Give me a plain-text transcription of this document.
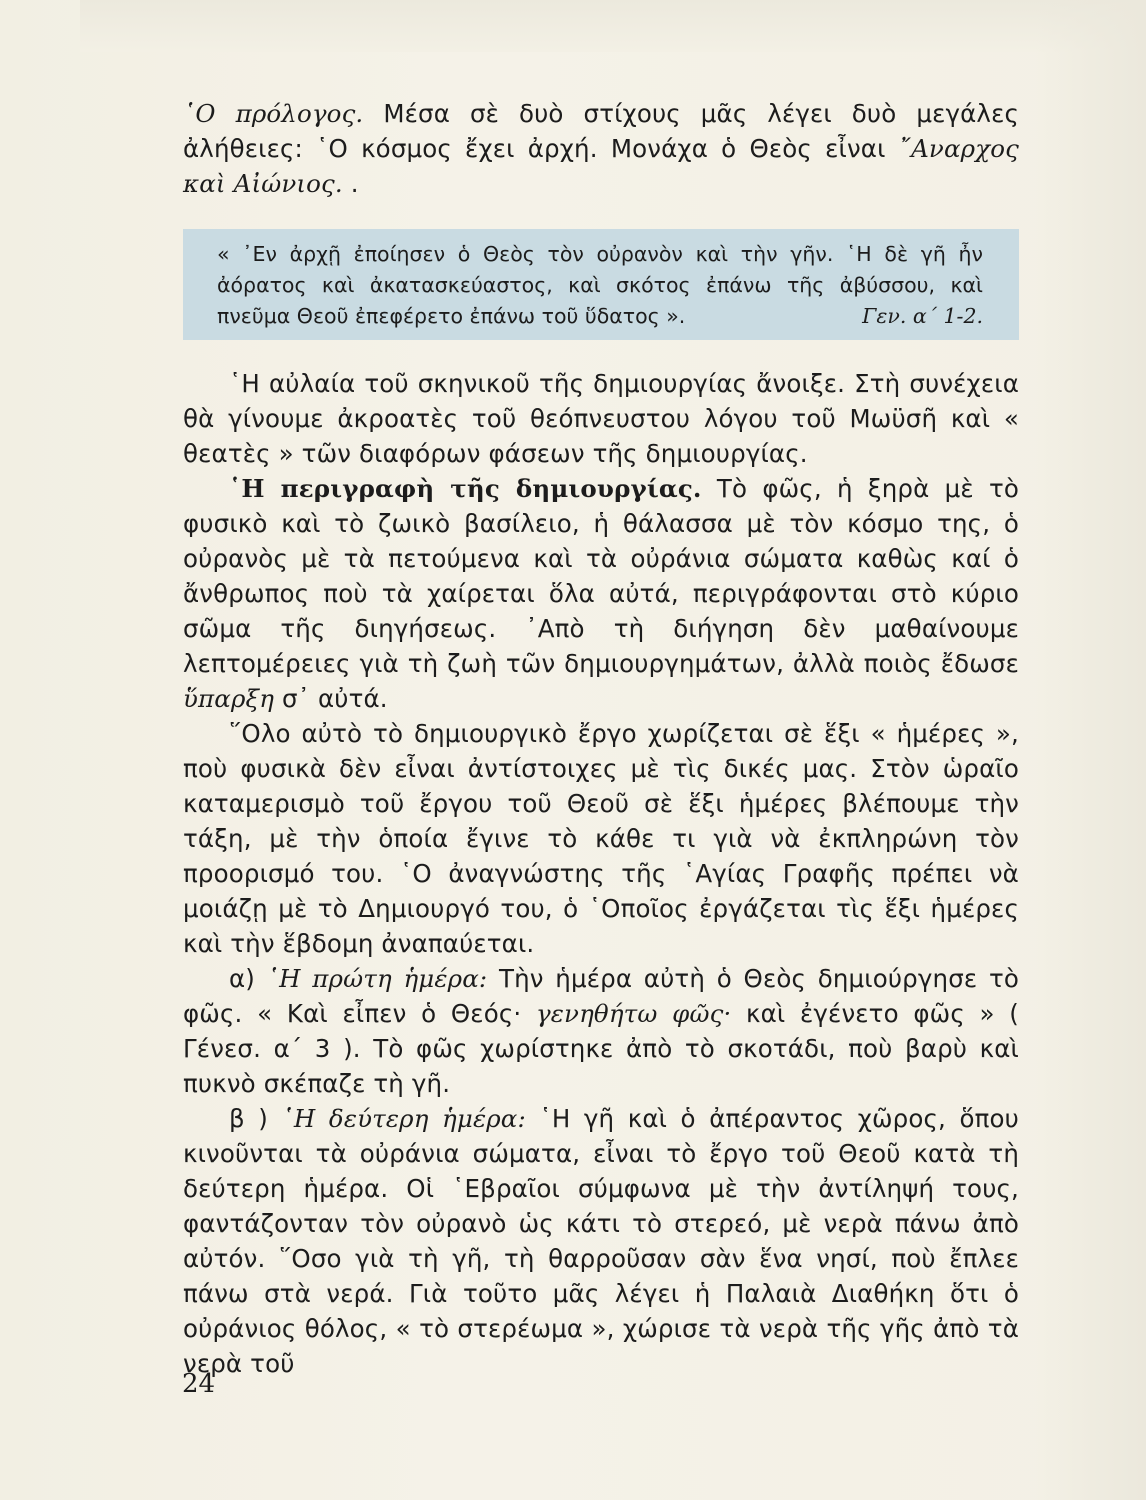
῾Ο πρόλογος. Μέσα σὲ δυὸ στίχους μᾶς λέγει δυὸ μεγάλες ἀλήθειες: ῾Ο κόσμος ἔχει ἀρχή. Μονάχα ὁ Θεὸς εἶναι ῎Αναρχος καὶ Αἰώνιος. .

« ᾿Εν ἀρχῇ ἐποίησεν ὁ Θεὸς τὸν οὐρανὸν καὶ τὴν γῆν. ῾Η δὲ γῆ ἦν ἀόρατος καὶ ἀκατασκεύαστος, καὶ σκότος ἐπάνω τῆς ἀβύσσου, καὶ πνεῦμα Θεοῦ ἐπεφέρετο ἐπάνω τοῦ ὕδατος ».	Γεν. α΄ 1-2.

῾Η αὐλαία τοῦ σκηνικοῦ τῆς δημιουργίας ἄνοιξε. Στὴ συνέχεια θὰ γίνουμε ἀκροατὲς τοῦ θεόπνευστου λόγου τοῦ Μωϋσῆ καὶ « θεατὲς » τῶν διαφόρων φάσεων τῆς δημιουργίας.

῾Η περιγραφὴ τῆς δημιουργίας. Τὸ φῶς, ἡ ξηρὰ μὲ τὸ φυσικὸ καὶ τὸ ζωικὸ βασίλειο, ἡ θάλασσα μὲ τὸν κόσμο της, ὁ οὐρανὸς μὲ τὰ πετούμενα καὶ τὰ οὐράνια σώματα καθὼς καί ὁ ἄνθρωπος ποὺ τὰ χαίρεται ὅλα αὐτά, περιγράφονται στὸ κύριο σῶμα τῆς διηγήσεως. ᾿Απὸ τὴ διήγηση δὲν μαθαίνουμε λεπτομέρειες γιὰ τὴ ζωὴ τῶν δημιουργημάτων, ἀλλὰ ποιὸς ἔδωσε ὕπαρξη σ᾿ αὐτά.

῞Ολο αὐτὸ τὸ δημιουργικὸ ἔργο χωρίζεται σὲ ἕξι « ἡμέρες », ποὺ φυσικὰ δὲν εἶναι ἀντίστοιχες μὲ τὶς δικές μας. Στὸν ὡραῖο καταμερισμὸ τοῦ ἔργου τοῦ Θεοῦ σὲ ἕξι ἡμέρες βλέπουμε τὴν τάξη, μὲ τὴν ὁποία ἔγινε τὸ κάθε τι γιὰ νὰ ἐκπληρώνη τὸν προορισμό του. ῾Ο ἀναγνώστης τῆς ῾Αγίας Γραφῆς πρέπει νὰ μοιάζῃ μὲ τὸ Δημιουργό του, ὁ ῾Οποῖος ἐργάζεται τὶς ἕξι ἡμέρες καὶ τὴν ἕβδομη ἀναπαύεται.

α) ῾Η πρώτη ἡμέρα: Τὴν ἡμέρα αὐτὴ ὁ Θεὸς δημιούργησε τὸ φῶς. « Καὶ εἶπεν ὁ Θεός· γενηθήτω φῶς· καὶ ἐγένετο φῶς » ( Γένεσ. α΄ 3 ). Τὸ φῶς χωρίστηκε ἀπὸ τὸ σκοτάδι, ποὺ βαρὺ καὶ πυκνὸ σκέπαζε τὴ γῆ.

β ) ῾Η δεύτερη ἡμέρα: ῾Η γῆ καὶ ὁ ἀπέραντος χῶρος, ὅπου κινοῦνται τὰ οὐράνια σώματα, εἶναι τὸ ἔργο τοῦ Θεοῦ κατὰ τὴ δεύτερη ἡμέρα. Οἱ ῾Εβραῖοι σύμφωνα μὲ τὴν ἀντίληψή τους, φαντάζονταν τὸν οὐρανὸ ὡς κάτι τὸ στερεό, μὲ νερὰ πάνω ἀπὸ αὐτόν. ῞Οσο γιὰ τὴ γῆ, τὴ θαρροῦσαν σὰν ἕνα νησί, ποὺ ἔπλεε πάνω στὰ νερά. Γιὰ τοῦτο μᾶς λέγει ἡ Παλαιὰ Διαθήκη ὅτι ὁ οὐράνιος θόλος, « τὸ στερέωμα », χώρισε τὰ νερὰ τῆς γῆς ἀπὸ τὰ νερὰ τοῦ

24
